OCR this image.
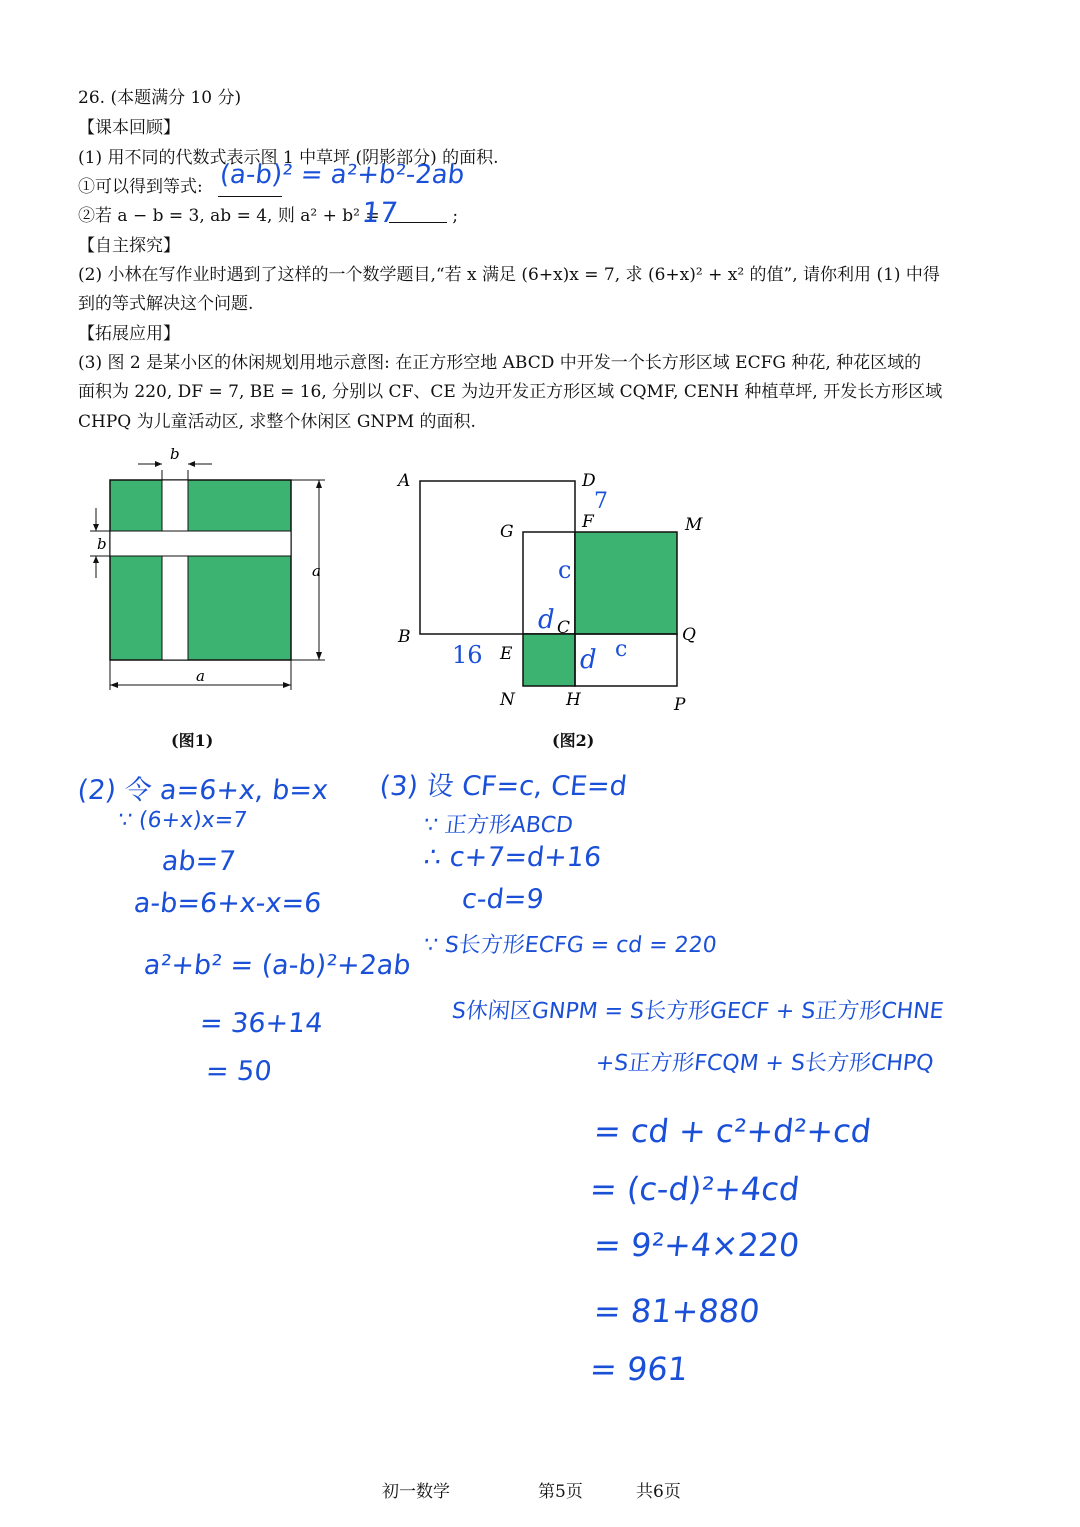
26. (本题满分 10 分)
【课本回顾】
(1) 用不同的代数式表示图 1 中草坪 (阴影部分) 的面积.
①可以得到等式:
②若 a − b = 3, ab = 4, 则 a² + b² =	;
【自主探究】
(2) 小林在写作业时遇到了这样的一个数学题目,“若 x 满足 (6+x)x = 7, 求 (6+x)² + x² 的值”, 请你利用 (1) 中得
到的等式解决这个问题.
【拓展应用】
(3) 图 2 是某小区的休闲规划用地示意图: 在正方形空地 ABCD 中开发一个长方形区域 ECFG 种花, 种花区域的
面积为 220, DF = 7, BE = 16, 分别以 CF、CE 为边开发正方形区域 CQMF, CENH 种植草坪, 开发长方形区域
CHPQ 为儿童活动区, 求整个休闲区 GNPM 的面积.
b
b
a
a
(图1)
A	D
G	F	M
B	C	Q
E
N	H	P
7
c
d
16	d c
(图2)
(a-b)² = a²+b²-2ab
17
(2) 令 a=6+x, b=x
∵ (6+x)x=7
ab=7
a-b=6+x-x=6
a²+b² = (a-b)²+2ab
= 36+14
= 50
(3) 设 CF=c, CE=d
∵ 正方形ABCD
∴ c+7=d+16
c-d=9
∵ S长方形ECFG = cd = 220
S休闲区GNPM = S长方形GECF + S正方形CHNE
+S正方形FCQM + S长方形CHPQ
= cd + c²+d²+cd
= (c-d)²+4cd
= 9²+4×220
= 81+880
= 961
初一数学	第5页	共6页
